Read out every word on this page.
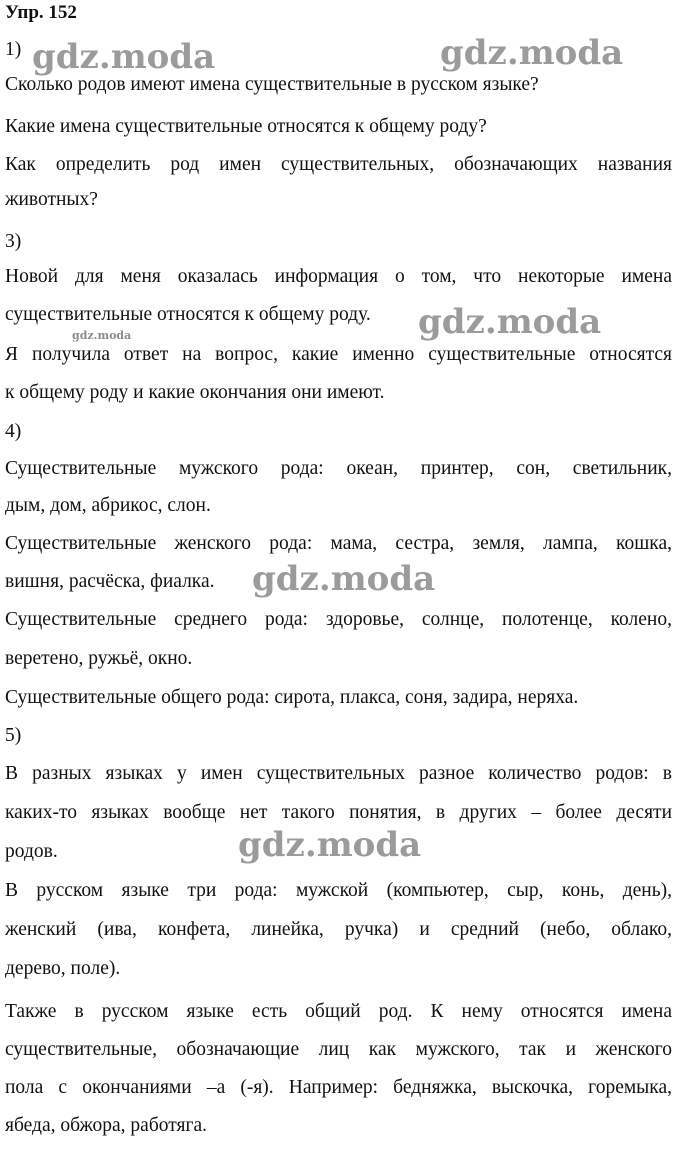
Упр. 152
1)
Сколько родов имеют имена существительные в русском языке?
Какие имена существительные относятся к общему роду?
Как определить род имен существительных, обозначающих названия
животных?
3)
Новой для меня оказалась информация о том, что некоторые имена
существительные относятся к общему роду.
Я получила ответ на вопрос, какие именно существительные относятся
к общему роду и какие окончания они имеют.
4)
Существительные мужского рода: океан, принтер, сон, светильник,
дым, дом, абрикос, слон.
Существительные женского рода: мама, сестра, земля, лампа, кошка,
вишня, расчёска, фиалка.
Существительные среднего рода: здоровье, солнце, полотенце, колено,
веретено, ружьё, окно.
Существительные общего рода: сирота, плакса, соня, задира, неряха.
5)
В разных языках у имен существительных разное количество родов: в
каких-то языках вообще нет такого понятия, в других – более десяти
родов.
В русском языке три рода: мужской (компьютер, сыр, конь, день),
женский (ива, конфета, линейка, ручка) и средний (небо, облако,
дерево, поле).
Также в русском языке есть общий род. К нему относятся имена
существительные, обозначающие лиц как мужского, так и женского
пола с окончаниями –а (-я). Например: бедняжка, выскочка, горемыка,
ябеда, обжора, работяга.
gdz.moda	gdz.moda
gdz.moda
gdz.moda
gdz.moda
gdz.moda
